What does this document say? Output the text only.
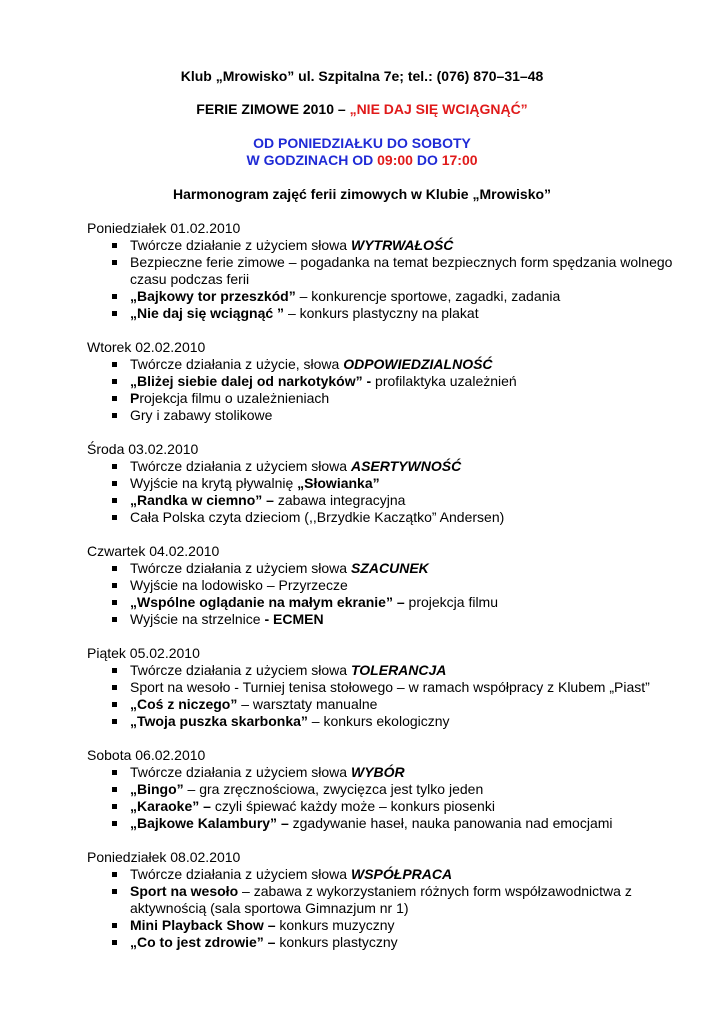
Klub „Mrowisko” ul. Szpitalna 7e; tel.: (076) 870–31–48
FERIE ZIMOWE 2010 – „NIE DAJ SIĘ WCIĄGNĄĆ”
OD PONIEDZIAŁKU DO SOBOTY
W GODZINACH OD 09:00 DO 17:00
Harmonogram zajęć ferii zimowych w Klubie „Mrowisko”
Poniedziałek 01.02.2010
Twórcze działanie z użyciem słowa WYTRWAŁOŚĆ
Bezpieczne ferie zimowe – pogadanka na temat bezpiecznych form spędzania wolnego czasu podczas ferii
„Bajkowy tor przeszkód” – konkurencje sportowe, zagadki, zadania
„Nie daj się wciągnąć ” – konkurs plastyczny na plakat
Wtorek 02.02.2010
Twórcze działania z użycie, słowa ODPOWIEDZIALNOŚĆ
„Bliżej siebie dalej od narkotyków” - profilaktyka uzależnień
Projekcja filmu o uzależnieniach
Gry i zabawy stolikowe
Środa 03.02.2010
Twórcze działania z użyciem słowa ASERTYWNOŚĆ
Wyjście na krytą pływalnię „Słowianka”
„Randka w ciemno” – zabawa integracyjna
Cała Polska czyta dzieciom (,,Brzydkie Kaczątko” Andersen)
Czwartek 04.02.2010
Twórcze działania z użyciem słowa SZACUNEK
Wyjście na lodowisko – Przyrzecze
„Wspólne oglądanie na małym ekranie” – projekcja filmu
Wyjście na strzelnice - ECMEN
Piątek 05.02.2010
Twórcze działania z użyciem słowa TOLERANCJA
Sport na wesoło - Turniej tenisa stołowego – w ramach współpracy z Klubem „Piast”
„Coś z niczego” – warsztaty manualne
„Twoja puszka skarbonka” – konkurs ekologiczny
Sobota 06.02.2010
Twórcze działania z użyciem słowa WYBÓR
„Bingo” – gra zręcznościowa, zwycięzca jest tylko jeden
„Karaoke” – czyli śpiewać każdy może – konkurs piosenki
„Bajkowe Kalambury” – zgadywanie haseł, nauka panowania nad emocjami
Poniedziałek 08.02.2010
Twórcze działania z użyciem słowa WSPÓŁPRACA
Sport na wesoło – zabawa z wykorzystaniem różnych form współzawodnictwa z aktywnością (sala sportowa Gimnazjum nr 1)
Mini Playback Show – konkurs muzyczny
„Co to jest zdrowie” – konkurs plastyczny
